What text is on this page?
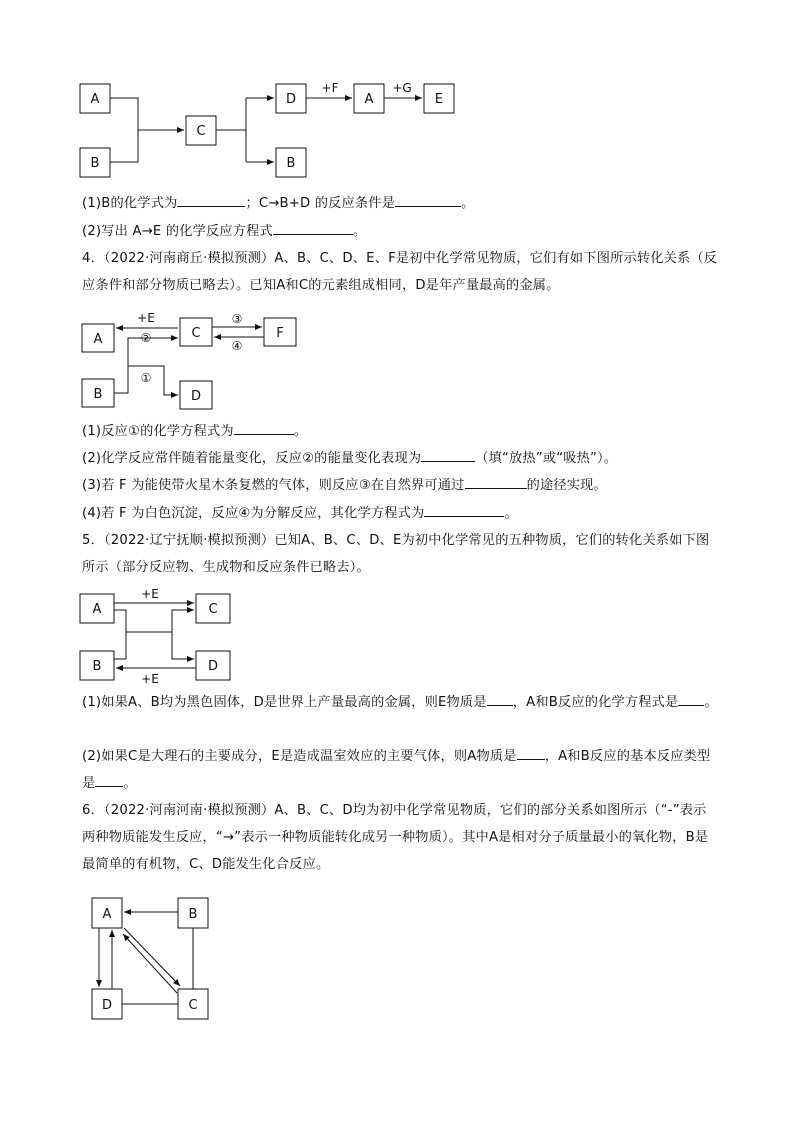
A
B
C
D	A	E
B
+F	+G
A
B
C
D
F
+E
②
①
③
④
A
B
C
D
+E
+E
A	B
D	C
(1)B的化学式为	；C→B+D 的反应条件是	。
(2)写出 A→E 的化学反应方程式	。
4．（2022·河南商丘·模拟预测）A、B、C、D、E、F是初中化学常见物质，它们有如下图所示转化关系（反应条件和部分物质已略去）。已知A和C的元素组成相同，D是年产量最高的金属。
(1)反应①的化学方程式为	。
(2)化学反应常伴随着能量变化，反应②的能量变化表现为	（填“放热”或“吸热”）。
(3)若 F 为能使带火星木条复燃的气体，则反应③在自然界可通过	的途径实现。
(4)若 F 为白色沉淀，反应④为分解反应，其化学方程式为	。
5．（2022·辽宁抚顺·模拟预测）已知A、B、C、D、E为初中化学常见的五种物质，它们的转化关系如下图所示（部分反应物、生成物和反应条件已略去）。
(1)如果A、B均为黑色固体，D是世界上产量最高的金属，则E物质是 ，A和B反应的化学方程式是 。
(2)如果C是大理石的主要成分，E是造成温室效应的主要气体，则A物质是 ，A和B反应的基本反应类型是 。
6．（2022·河南河南·模拟预测）A、B、C、D均为初中化学常见物质，它们的部分关系如图所示（“-”表示两种物质能发生反应，“→”表示一种物质能转化成另一种物质）。其中A是相对分子质量最小的氧化物，B是最简单的有机物，C、D能发生化合反应。
